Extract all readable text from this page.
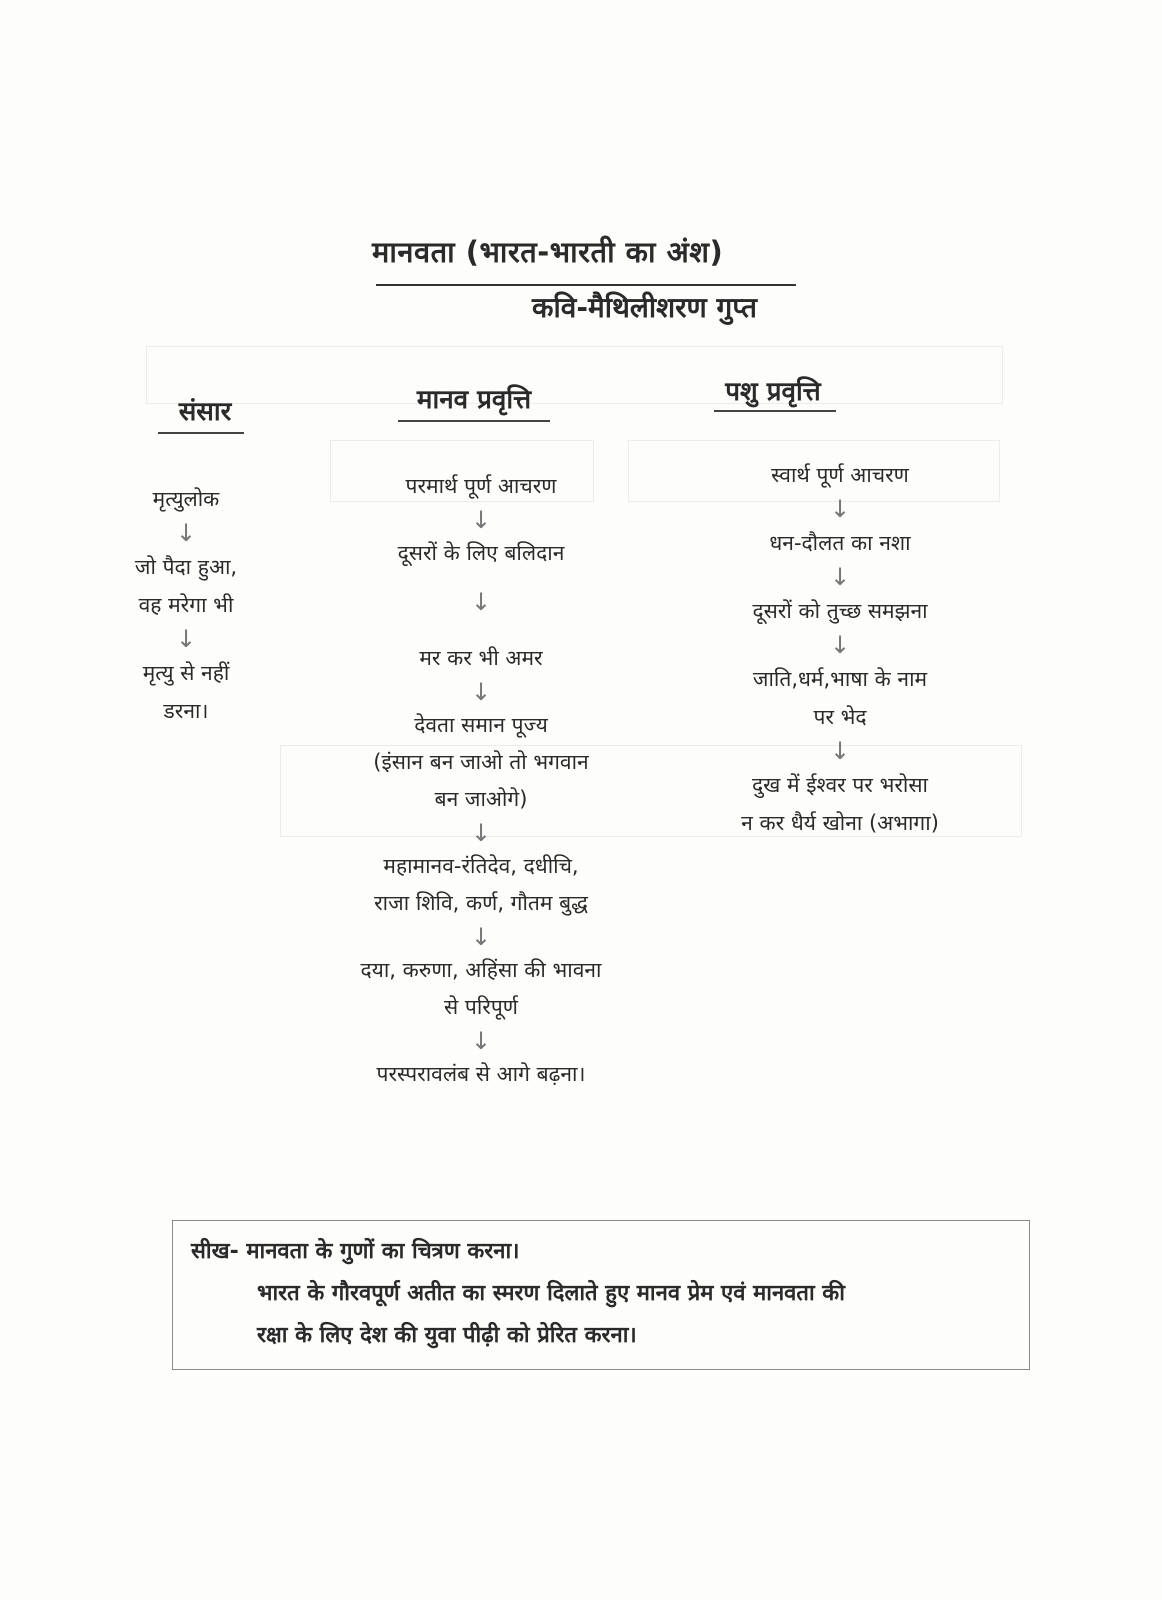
मानवता (भारत-भारती का अंश)
कवि-मैथिलीशरण गुप्त
संसार	मानव प्रवृत्ति	पशु प्रवृत्ति
मृत्युलोक
↓
जो पैदा हुआ,
वह मरेगा भी
↓
मृत्यु से नहीं
डरना।
परमार्थ पूर्ण आचरण
↓
दूसरों के लिए बलिदान
↓
मर कर भी अमर
↓
देवता समान पूज्य
(इंसान बन जाओ तो भगवान
बन जाओगे)
↓
महामानव-रंतिदेव, दधीचि,
राजा शिवि, कर्ण, गौतम बुद्ध
↓
दया, करुणा, अहिंसा की भावना
से परिपूर्ण
↓
परस्परावलंब से आगे बढ़ना।
स्वार्थ पूर्ण आचरण
↓
धन-दौलत का नशा
↓
दूसरों को तुच्छ समझना
↓
जाति,धर्म,भाषा के नाम
पर भेद
↓
दुख में ईश्वर पर भरोसा
न कर धैर्य खोना (अभागा)
सीख- मानवता के गुणों का चित्रण करना।
भारत के गौरवपूर्ण अतीत का स्मरण दिलाते हुए मानव प्रेम एवं मानवता की
रक्षा के लिए देश की युवा पीढ़ी को प्रेरित करना।
